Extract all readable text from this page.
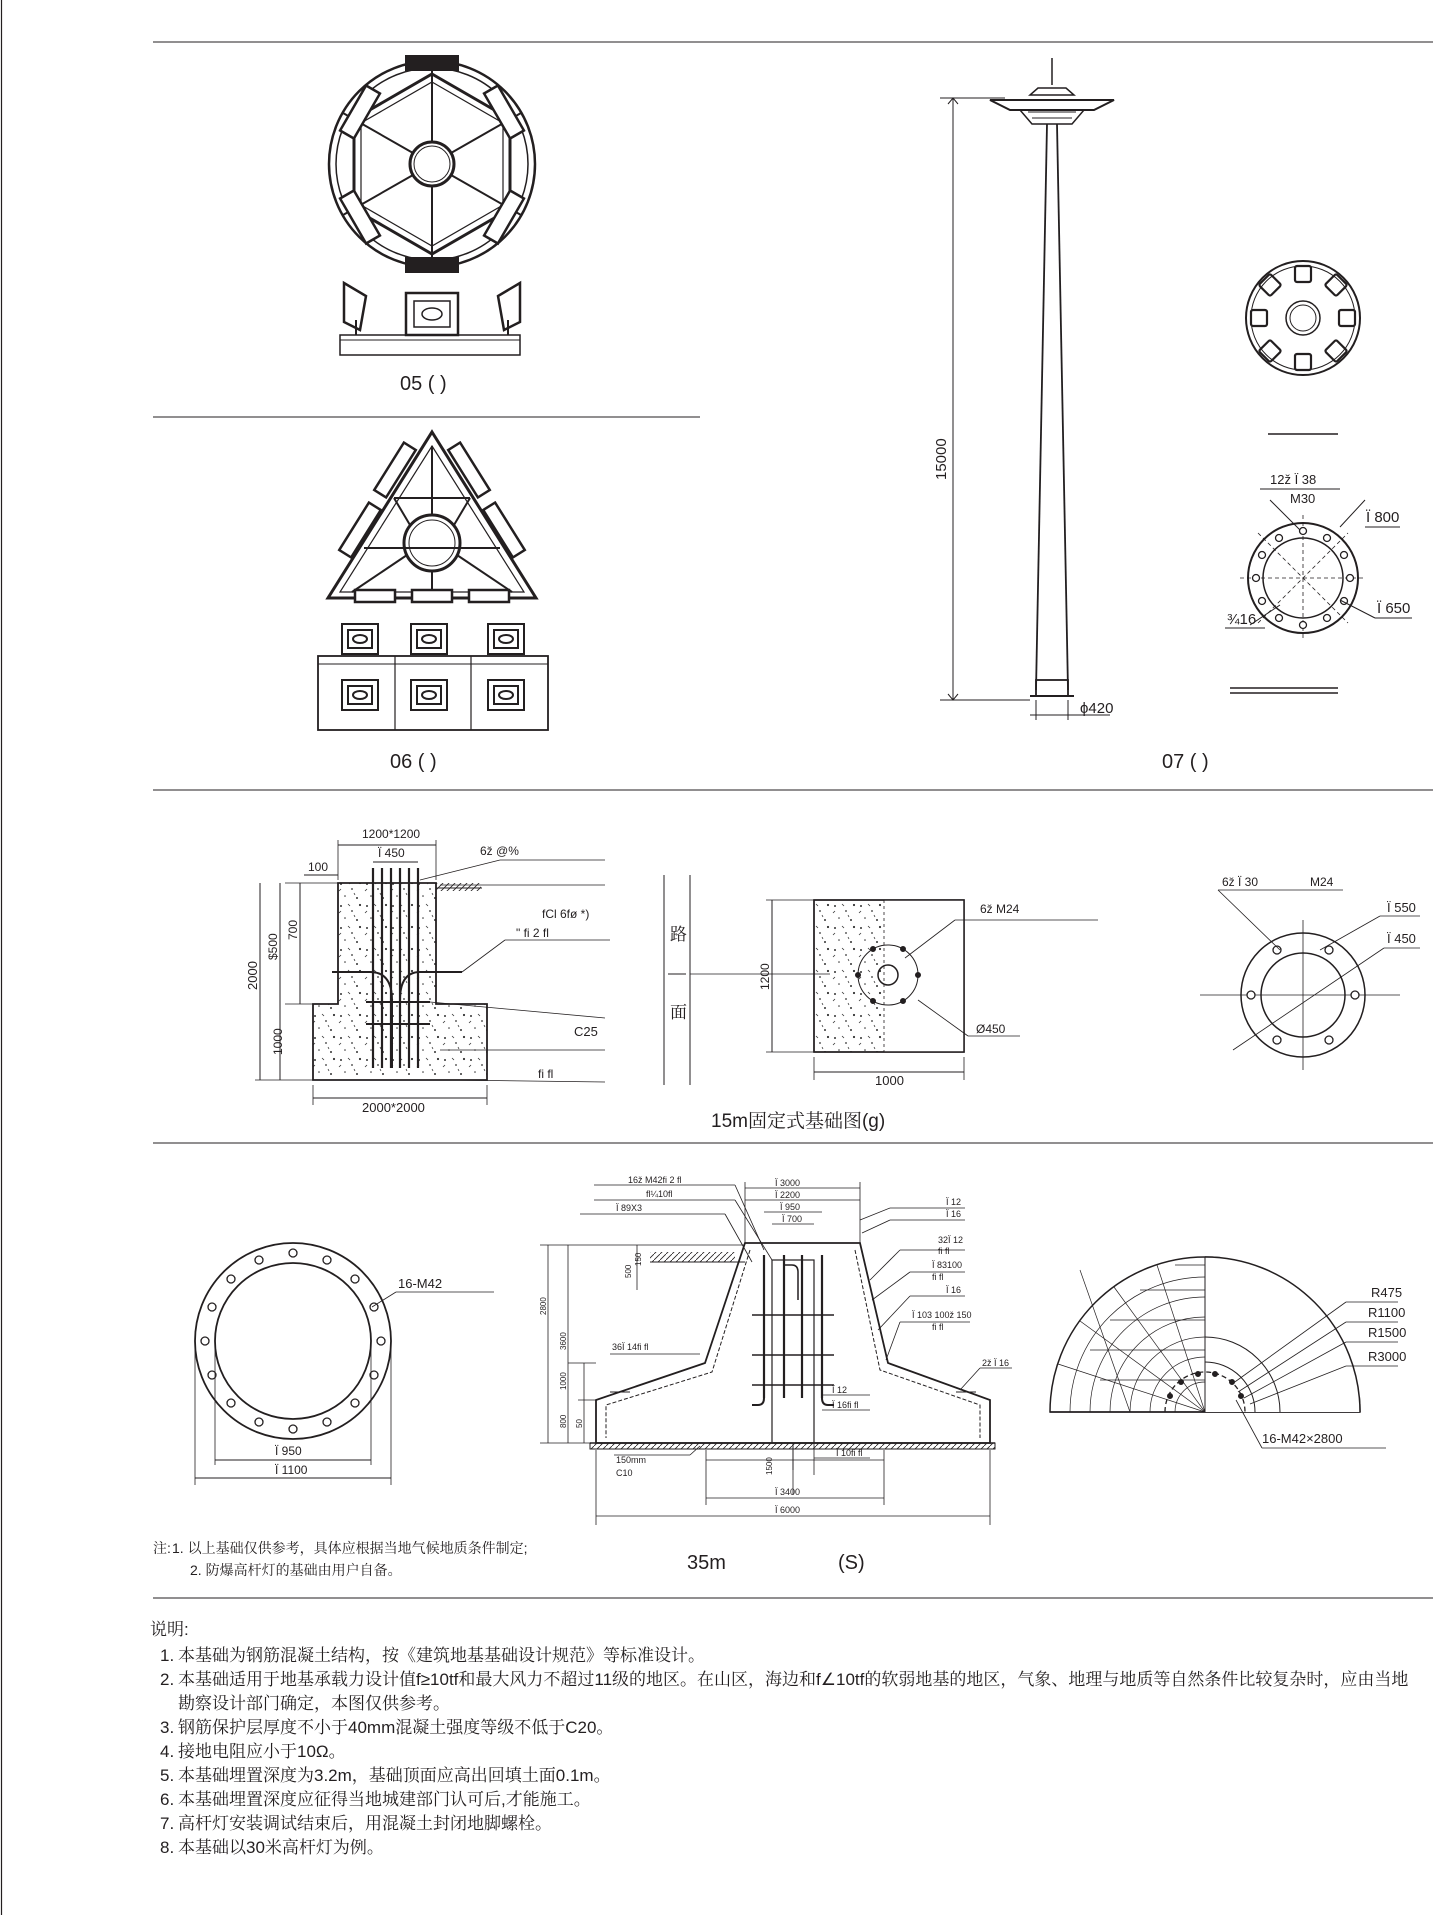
05 ( )
06 ( )
15000
ϕ420
12ž Ï 38
M30
Ï 800
Ï 650
¾16
07 ( )
1200*1200
Ï 450
100
6ž @%
2000
$500
700
1000
fCl 6fø *)
" fi 2 fl
C25
fi fl
2000*2000
路
面
6ž M24
1200
Ø450
1000
6ž Ï 30	M24
Ï 550
Ï 450
15m固定式基础图(g)
16-M42
Ï 950
Ï 1100
Ï 3000
Ï 2200
Ï 950
Ï 700
16ž M42fi 2 fl
fl¼10fl
Ï 89X3
500
150
2800
3600
1000
800 50
1500
Ï 12
Ï 16
32Ï 12
fi fl
Ï 83100
fi fl
Ï 16
Ï 103 100ž 150
fi fl
36Ï 14fi fl
Ï 12
Ï 16fi fl
Ï 10fi fl
2ž Ï 16
150mm
C10
Ï 3400
Ï 6000
R475
R1100
R1500
R3000
16-M42×2800
注: 1. 以上基础仅供参考，具体应根据当地气候地质条件制定;
2. 防爆高杆灯的基础由用户自备。	35m	(S)
说明:
1. 本基础为钢筋混凝土结构，按《建筑地基基础设计规范》等标准设计。
2. 本基础适用于地基承载力设计值f≥10tf和最大风力不超过11级的地区。在山区，海边和f∠10tf的软弱地基的地区，气象、地理与地质等自然条件比较复杂时，应由当地勘察设计部门确定，本图仅供参考。
3. 钢筋保护层厚度不小于40mm混凝土强度等级不低于C20。
4. 接地电阻应小于10Ω。
5. 本基础埋置深度为3.2m，基础顶面应高出回填土面0.1m。
6. 本基础埋置深度应征得当地城建部门认可后,才能施工。
7. 高杆灯安装调试结束后，用混凝土封闭地脚螺栓。
8. 本基础以30米高杆灯为例。
